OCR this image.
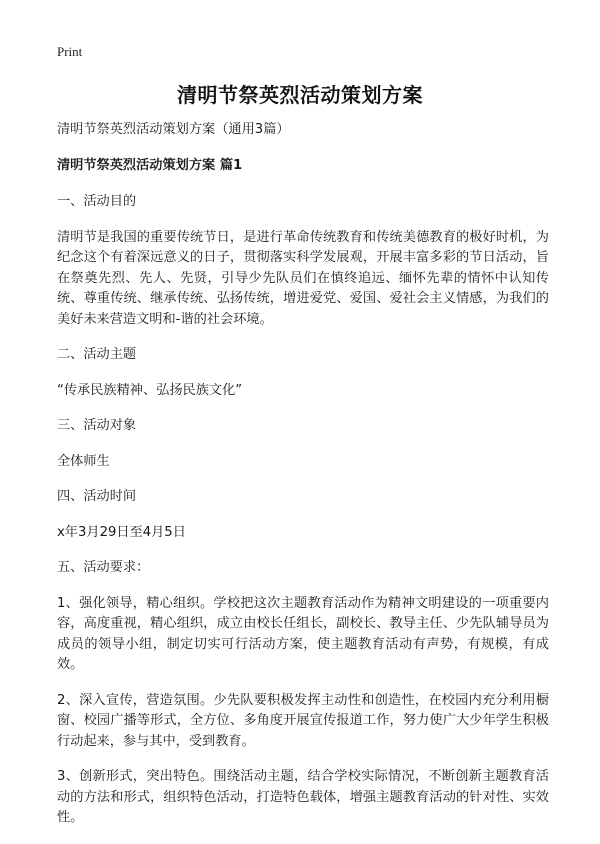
Print
清明节祭英烈活动策划方案

清明节祭英烈活动策划方案（通用3篇）

清明节祭英烈活动策划方案 篇1

一、活动目的

清明节是我国的重要传统节日，是进行革命传统教育和传统美德教育的极好时机，为纪念这个有着深远意义的日子，贯彻落实科学发展观，开展丰富多彩的节日活动，旨在祭奠先烈、先人、先贤，引导少先队员们在慎终追远、缅怀先辈的情怀中认知传统、尊重传统、继承传统、弘扬传统，增进爱党、爱国、爱社会主义情感，为我们的美好未来营造文明和-谐的社会环境。

二、活动主题

“传承民族精神、弘扬民族文化”

三、活动对象

全体师生

四、活动时间

x年3月29日至4月5日

五、活动要求：

1、强化领导，精心组织。学校把这次主题教育活动作为精神文明建设的一项重要内容，高度重视，精心组织，成立由校长任组长，副校长、教导主任、少先队辅导员为成员的领导小组，制定切实可行活动方案，使主题教育活动有声势，有规模，有成效。

2、深入宣传，营造氛围。少先队要积极发挥主动性和创造性，在校园内充分利用橱窗、校园广播等形式，全方位、多角度开展宣传报道工作，努力使广大少年学生积极行动起来，参与其中，受到教育。

3、创新形式，突出特色。围绕活动主题，结合学校实际情况，不断创新主题教育活动的方法和形式，组织特色活动，打造特色载体，增强主题教育活动的针对性、实效性。
